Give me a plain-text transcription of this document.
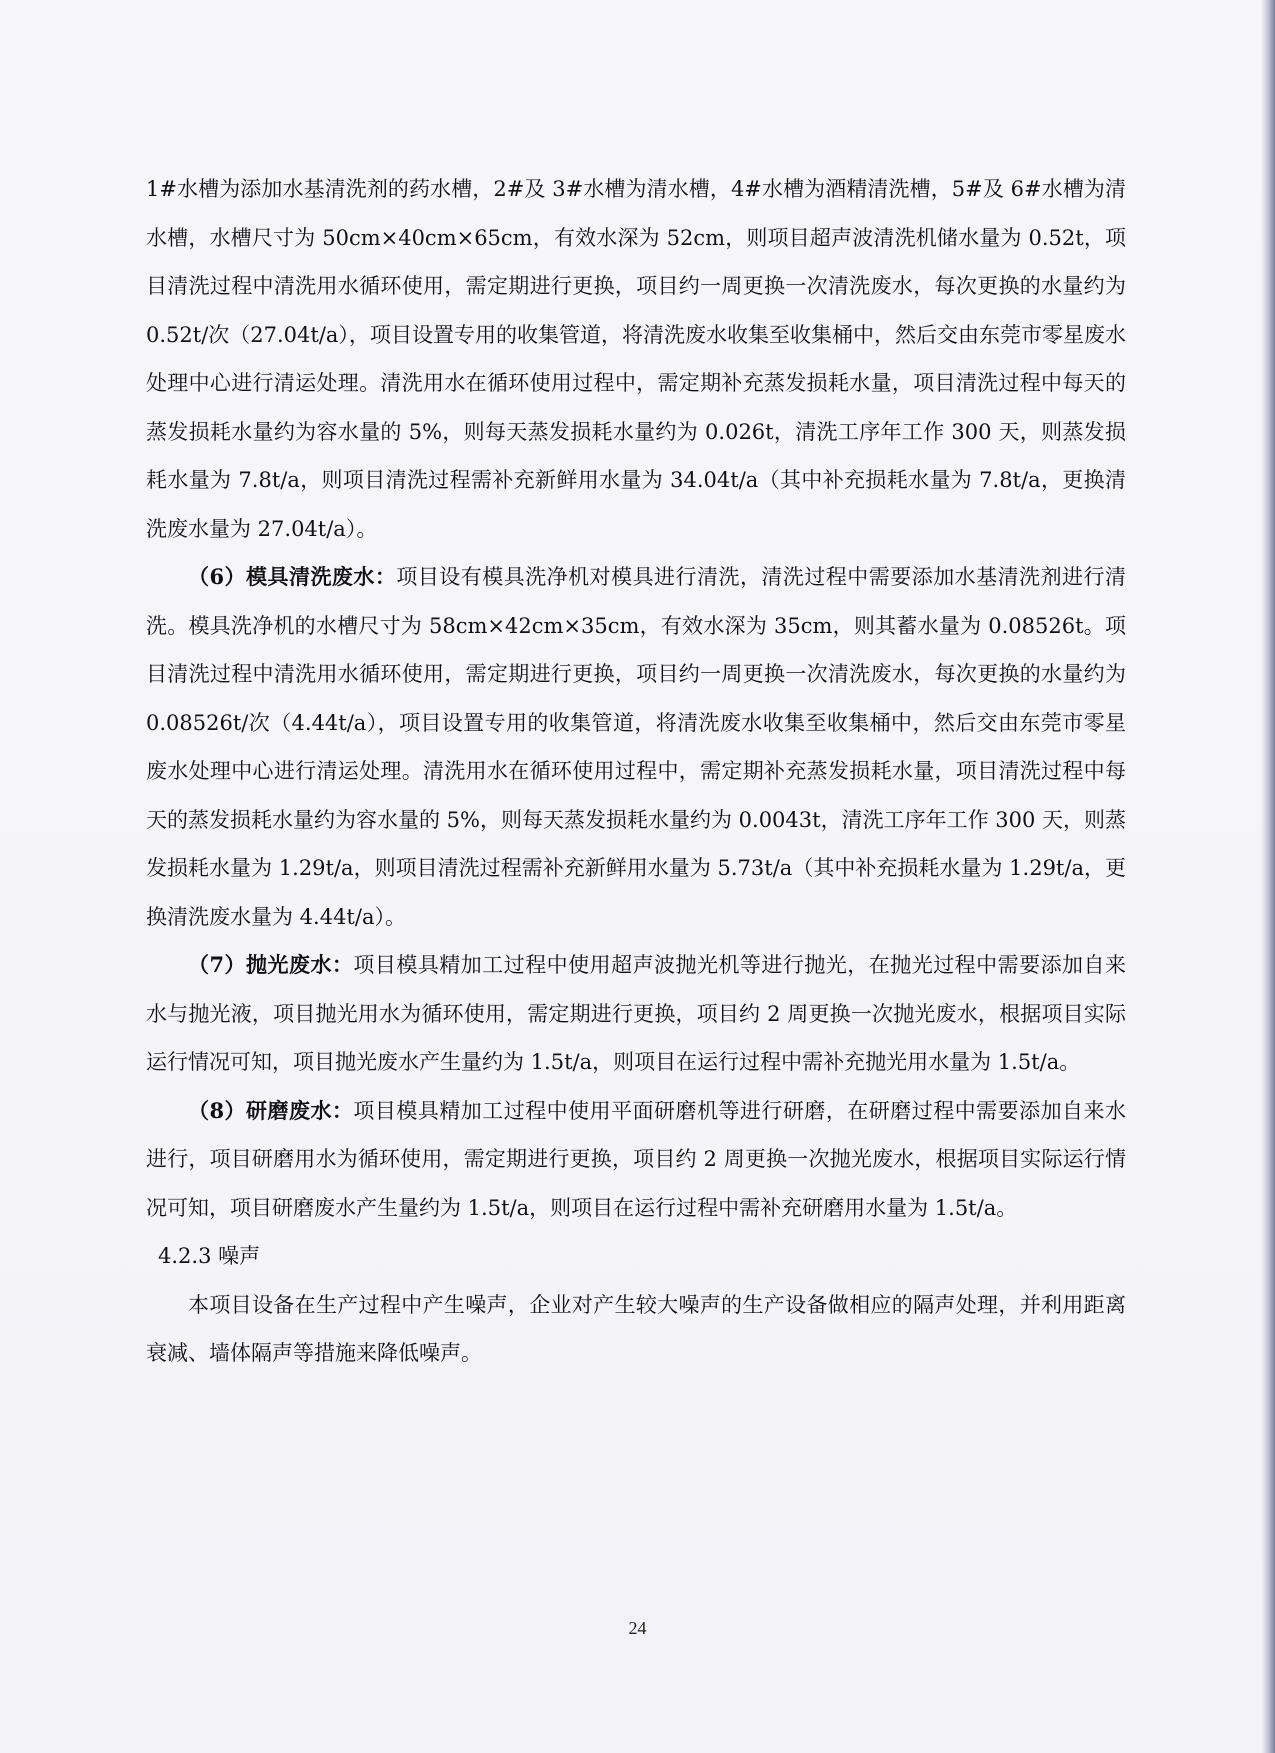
1#水槽为添加水基清洗剂的药水槽，2#及 3#水槽为清水槽，4#水槽为酒精清洗槽，5#及 6#水槽为清水槽，水槽尺寸为 50cm×40cm×65cm，有效水深为 52cm，则项目超声波清洗机储水量为 0.52t，项目清洗过程中清洗用水循环使用，需定期进行更换，项目约一周更换一次清洗废水，每次更换的水量约为 0.52t/次（27.04t/a），项目设置专用的收集管道，将清洗废水收集至收集桶中，然后交由东莞市零星废水处理中心进行清运处理。清洗用水在循环使用过程中，需定期补充蒸发损耗水量，项目清洗过程中每天的蒸发损耗水量约为容水量的 5%，则每天蒸发损耗水量约为 0.026t，清洗工序年工作 300 天，则蒸发损耗水量为 7.8t/a，则项目清洗过程需补充新鲜用水量为 34.04t/a（其中补充损耗水量为 7.8t/a，更换清洗废水量为 27.04t/a）。

（6）模具清洗废水：项目设有模具洗净机对模具进行清洗，清洗过程中需要添加水基清洗剂进行清洗。模具洗净机的水槽尺寸为 58cm×42cm×35cm，有效水深为 35cm，则其蓄水量为 0.08526t。项目清洗过程中清洗用水循环使用，需定期进行更换，项目约一周更换一次清洗废水，每次更换的水量约为 0.08526t/次（4.44t/a），项目设置专用的收集管道，将清洗废水收集至收集桶中，然后交由东莞市零星废水处理中心进行清运处理。清洗用水在循环使用过程中，需定期补充蒸发损耗水量，项目清洗过程中每天的蒸发损耗水量约为容水量的 5%，则每天蒸发损耗水量约为 0.0043t，清洗工序年工作 300 天，则蒸发损耗水量为 1.29t/a，则项目清洗过程需补充新鲜用水量为 5.73t/a（其中补充损耗水量为 1.29t/a，更换清洗废水量为 4.44t/a）。

（7）抛光废水：项目模具精加工过程中使用超声波抛光机等进行抛光，在抛光过程中需要添加自来水与抛光液，项目抛光用水为循环使用，需定期进行更换，项目约 2 周更换一次抛光废水，根据项目实际运行情况可知，项目抛光废水产生量约为 1.5t/a，则项目在运行过程中需补充抛光用水量为 1.5t/a。

（8）研磨废水：项目模具精加工过程中使用平面研磨机等进行研磨，在研磨过程中需要添加自来水进行，项目研磨用水为循环使用，需定期进行更换，项目约 2 周更换一次抛光废水，根据项目实际运行情况可知，项目研磨废水产生量约为 1.5t/a，则项目在运行过程中需补充研磨用水量为 1.5t/a。

4.2.3 噪声

本项目设备在生产过程中产生噪声，企业对产生较大噪声的生产设备做相应的隔声处理，并利用距离衰减、墙体隔声等措施来降低噪声。

24
